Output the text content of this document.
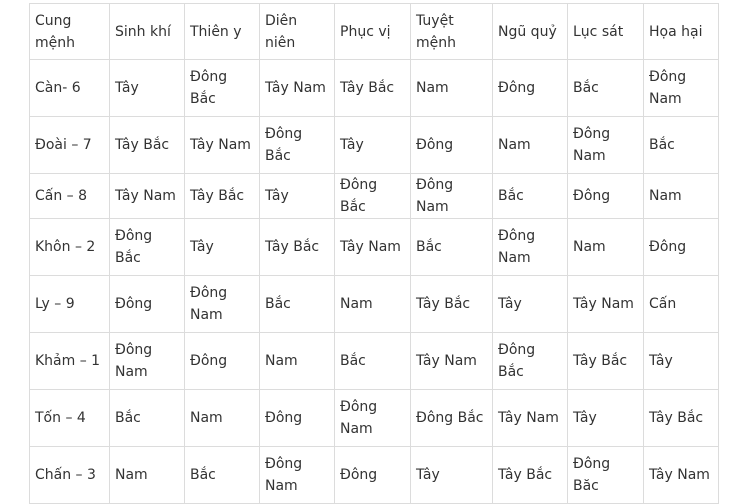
Cung mệnh	Sinh khí	Thiên y	Diên niên	Phục vị	Tuyệt mệnh	Ngũ quỷ	Lục sát	Họa hại
Càn- 6	Tây	Đông Bắc	Tây Nam	Tây Bắc	Nam	Đông	Bắc	Đông Nam
Đoài – 7	Tây Bắc	Tây Nam	Đông Bắc	Tây	Đông	Nam	Đông Nam	Bắc
Cấn – 8	Tây Nam	Tây Bắc	Tây	Đông Bắc	Đông Nam	Bắc	Đông	Nam
Khôn – 2	Đông Bắc	Tây	Tây Bắc	Tây Nam	Bắc	Đông Nam	Nam	Đông
Ly – 9	Đông	Đông Nam	Bắc	Nam	Tây Bắc	Tây	Tây Nam	Cấn
Khảm – 1	Đông Nam	Đông	Nam	Bắc	Tây Nam	Đông Bắc	Tây Bắc	Tây
Tốn – 4	Bắc	Nam	Đông	Đông Nam	Đông Bắc	Tây Nam	Tây	Tây Bắc
Chấn – 3	Nam	Bắc	Đông Nam	Đông	Tây	Tây Bắc	Đông Băc	Tây Nam
